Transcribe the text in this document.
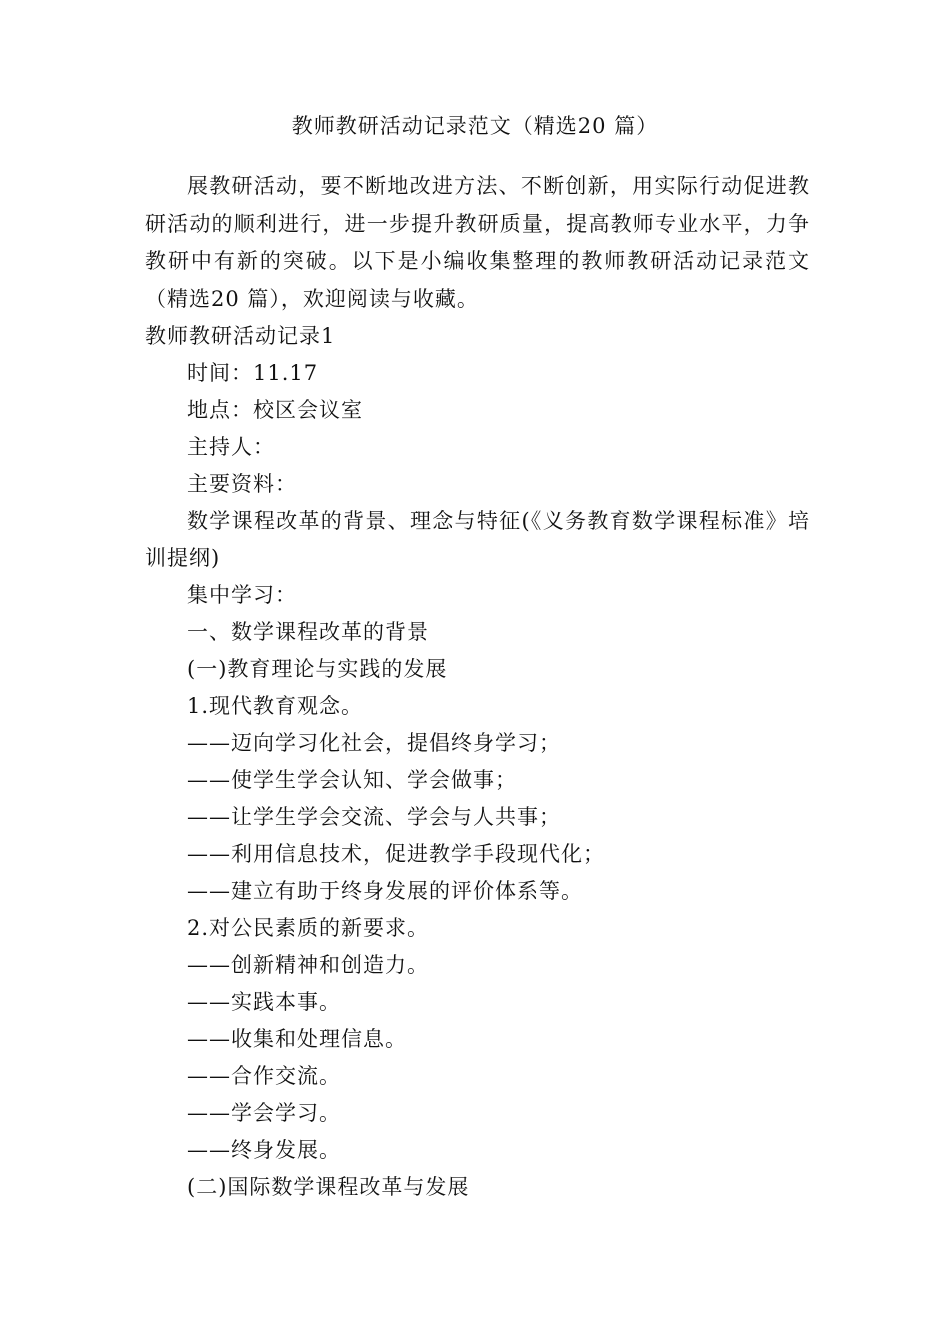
教师教研活动记录范文（精选20 篇）

展教研活动，要不断地改进方法、不断创新，用实际行动促进教研活动的顺利进行，进一步提升教研质量，提高教师专业水平，力争教研中有新的突破。以下是小编收集整理的教师教研活动记录范文（精选20 篇），欢迎阅读与收藏。

教师教研活动记录1

时间：11.17

地点：校区会议室

主持人：

主要资料：

数学课程改革的背景、理念与特征(《义务教育数学课程标准》培训提纲)

集中学习：

一、数学课程改革的背景

(一)教育理论与实践的发展

1.现代教育观念。

——迈向学习化社会，提倡终身学习；

——使学生学会认知、学会做事；

——让学生学会交流、学会与人共事；

——利用信息技术，促进教学手段现代化；

——建立有助于终身发展的评价体系等。

2.对公民素质的新要求。

——创新精神和创造力。

——实践本事。

——收集和处理信息。

——合作交流。

——学会学习。

——终身发展。

(二)国际数学课程改革与发展
